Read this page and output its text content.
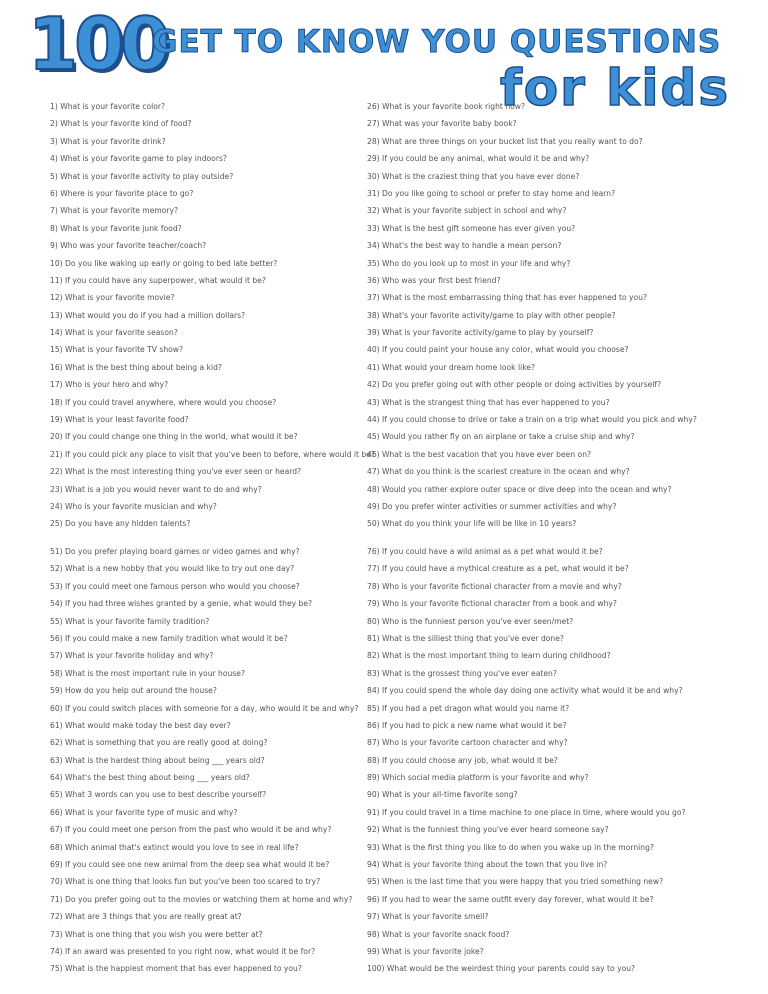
100
GET TO KNOW YOU QUESTIONS
for kids
1) What is your favorite color?
2) What is your favorite kind of food?
3) What is your favorite drink?
4) What is your favorite game to play indoors?
5) What is your favorite activity to play outside?
6) Where is your favorite place to go?
7) What is your favorite memory?
8) What is your favorite junk food?
9) Who was your favorite teacher/coach?
10) Do you like waking up early or going to bed late better?
11) If you could have any superpower, what would it be?
12) What is your favorite movie?
13) What would you do if you had a million dollars?
14) What is your favorite season?
15) What is your favorite TV show?
16) What is the best thing about being a kid?
17) Who is your hero and why?
18) If you could travel anywhere, where would you choose?
19) What is your least favorite food?
20) If you could change one thing in the world, what would it be?
21) If you could pick any place to visit that you've been to before, where would it be?
22) What is the most interesting thing you've ever seen or heard?
23) What is a job you would never want to do and why?
24) Who is your favorite musician and why?
25) Do you have any hidden talents?
26) What is your favorite book right now?
27) What was your favorite baby book?
28) What are three things on your bucket list that you really want to do?
29) If you could be any animal, what would it be and why?
30) What is the craziest thing that you have ever done?
31) Do you like going to school or prefer to stay home and learn?
32) What is your favorite subject in school and why?
33) What is the best gift someone has ever given you?
34) What's the best way to handle a mean person?
35) Who do you look up to most in your life and why?
36) Who was your first best friend?
37) What is the most embarrassing thing that has ever happened to you?
38) What's your favorite activity/game to play with other people?
39) What is your favorite activity/game to play by yourself?
40) If you could paint your house any color, what would you choose?
41) What would your dream home look like?
42) Do you prefer going out with other people or doing activities by yourself?
43) What is the strangest thing that has ever happened to you?
44) If you could choose to drive or take a train on a trip what would you pick and why?
45) Would you rather fly on an airplane or take a cruise ship and why?
46) What is the best vacation that you have ever been on?
47) What do you think is the scariest creature in the ocean and why?
48) Would you rather explore outer space or dive deep into the ocean and why?
49) Do you prefer winter activities or summer activities and why?
50) What do you think your life will be like in 10 years?
51) Do you prefer playing board games or video games and why?
52) What is a new hobby that you would like to try out one day?
53) If you could meet one famous person who would you choose?
54) If you had three wishes granted by a genie, what would they be?
55) What is your favorite family tradition?
56) If you could make a new family tradition what would it be?
57) What is your favorite holiday and why?
58) What is the most important rule in your house?
59) How do you help out around the house?
60) If you could switch places with someone for a day, who would it be and why?
61) What would make today the best day ever?
62) What is something that you are really good at doing?
63) What is the hardest thing about being ___ years old?
64) What's the best thing about being ___ years old?
65) What 3 words can you use to best describe yourself?
66) What is your favorite type of music and why?
67) If you could meet one person from the past who would it be and why?
68) Which animal that's extinct would you love to see in real life?
69) If you could see one new animal from the deep sea what would it be?
70) What is one thing that looks fun but you've been too scared to try?
71) Do you prefer going out to the movies or watching them at home and why?
72) What are 3 things that you are really great at?
73) What is one thing that you wish you were better at?
74) If an award was presented to you right now, what would it be for?
75) What is the happiest moment that has ever happened to you?
76) If you could have a wild animal as a pet what would it be?
77) If you could have a mythical creature as a pet, what would it be?
78) Who is your favorite fictional character from a movie and why?
79) Who is your favorite fictional character from a book and why?
80) Who is the funniest person you've ever seen/met?
81) What is the silliest thing that you've ever done?
82) What is the most important thing to learn during childhood?
83) What is the grossest thing you've ever eaten?
84) If you could spend the whole day doing one activity what would it be and why?
85) If you had a pet dragon what would you name it?
86) If you had to pick a new name what would it be?
87) Who is your favorite cartoon character and why?
88) If you could choose any job, what would it be?
89) Which social media platform is your favorite and why?
90) What is your all-time favorite song?
91) If you could travel in a time machine to one place in time, where would you go?
92) What is the funniest thing you've ever heard someone say?
93) What is the first thing you like to do when you wake up in the morning?
94) What is your favorite thing about the town that you live in?
95) When is the last time that you were happy that you tried something new?
96) If you had to wear the same outfit every day forever, what would it be?
97) What is your favorite smell?
98) What is your favorite snack food?
99) What is your favorite joke?
100) What would be the weirdest thing your parents could say to you?
